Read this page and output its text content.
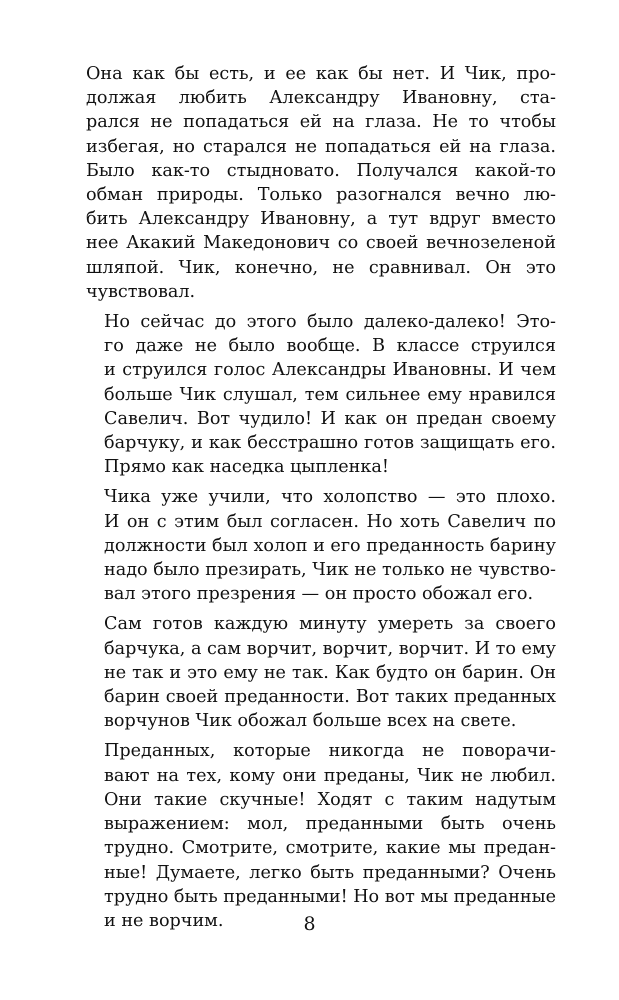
Она как бы есть, и ее как бы нет. И Чик, про-
должая любить Александру Ивановну, ста-
рался не попадаться ей на глаза. Не то чтобы
избегая, но старался не попадаться ей на глаза.
Было как-то стыдновато. Получался какой-то
обман природы. Только разогнался вечно лю-
бить Александру Ивановну, а тут вдруг вместо
нее Акакий Македонович со своей вечнозеленой
шляпой. Чик, конечно, не сравнивал. Он это
чувствовал.

Но сейчас до этого было далеко-далеко! Это-
го даже не было вообще. В классе струился
и струился голос Александры Ивановны. И чем
больше Чик слушал, тем сильнее ему нравился
Савелич. Вот чудило! И как он предан своему
барчуку, и как бесстрашно готов защищать его.
Прямо как наседка цыпленка!

Чика уже учили, что холопство — это плохо.
И он с этим был согласен. Но хоть Савелич по
должности был холоп и его преданность барину
надо было презирать, Чик не только не чувство-
вал этого презрения — он просто обожал его.

Сам готов каждую минуту умереть за своего
барчука, а сам ворчит, ворчит, ворчит. И то ему
не так и это ему не так. Как будто он барин. Он
барин своей преданности. Вот таких преданных
ворчунов Чик обожал больше всех на свете.

Преданных, которые никогда не поворачи-
вают на тех, кому они преданы, Чик не любил.
Они такие скучные! Ходят с таким надутым
выражением: мол, преданными быть очень
трудно. Смотрите, смотрите, какие мы предан-
ные! Думаете, легко быть преданными? Очень
трудно быть преданными! Но вот мы преданные
и не ворчим.	8
